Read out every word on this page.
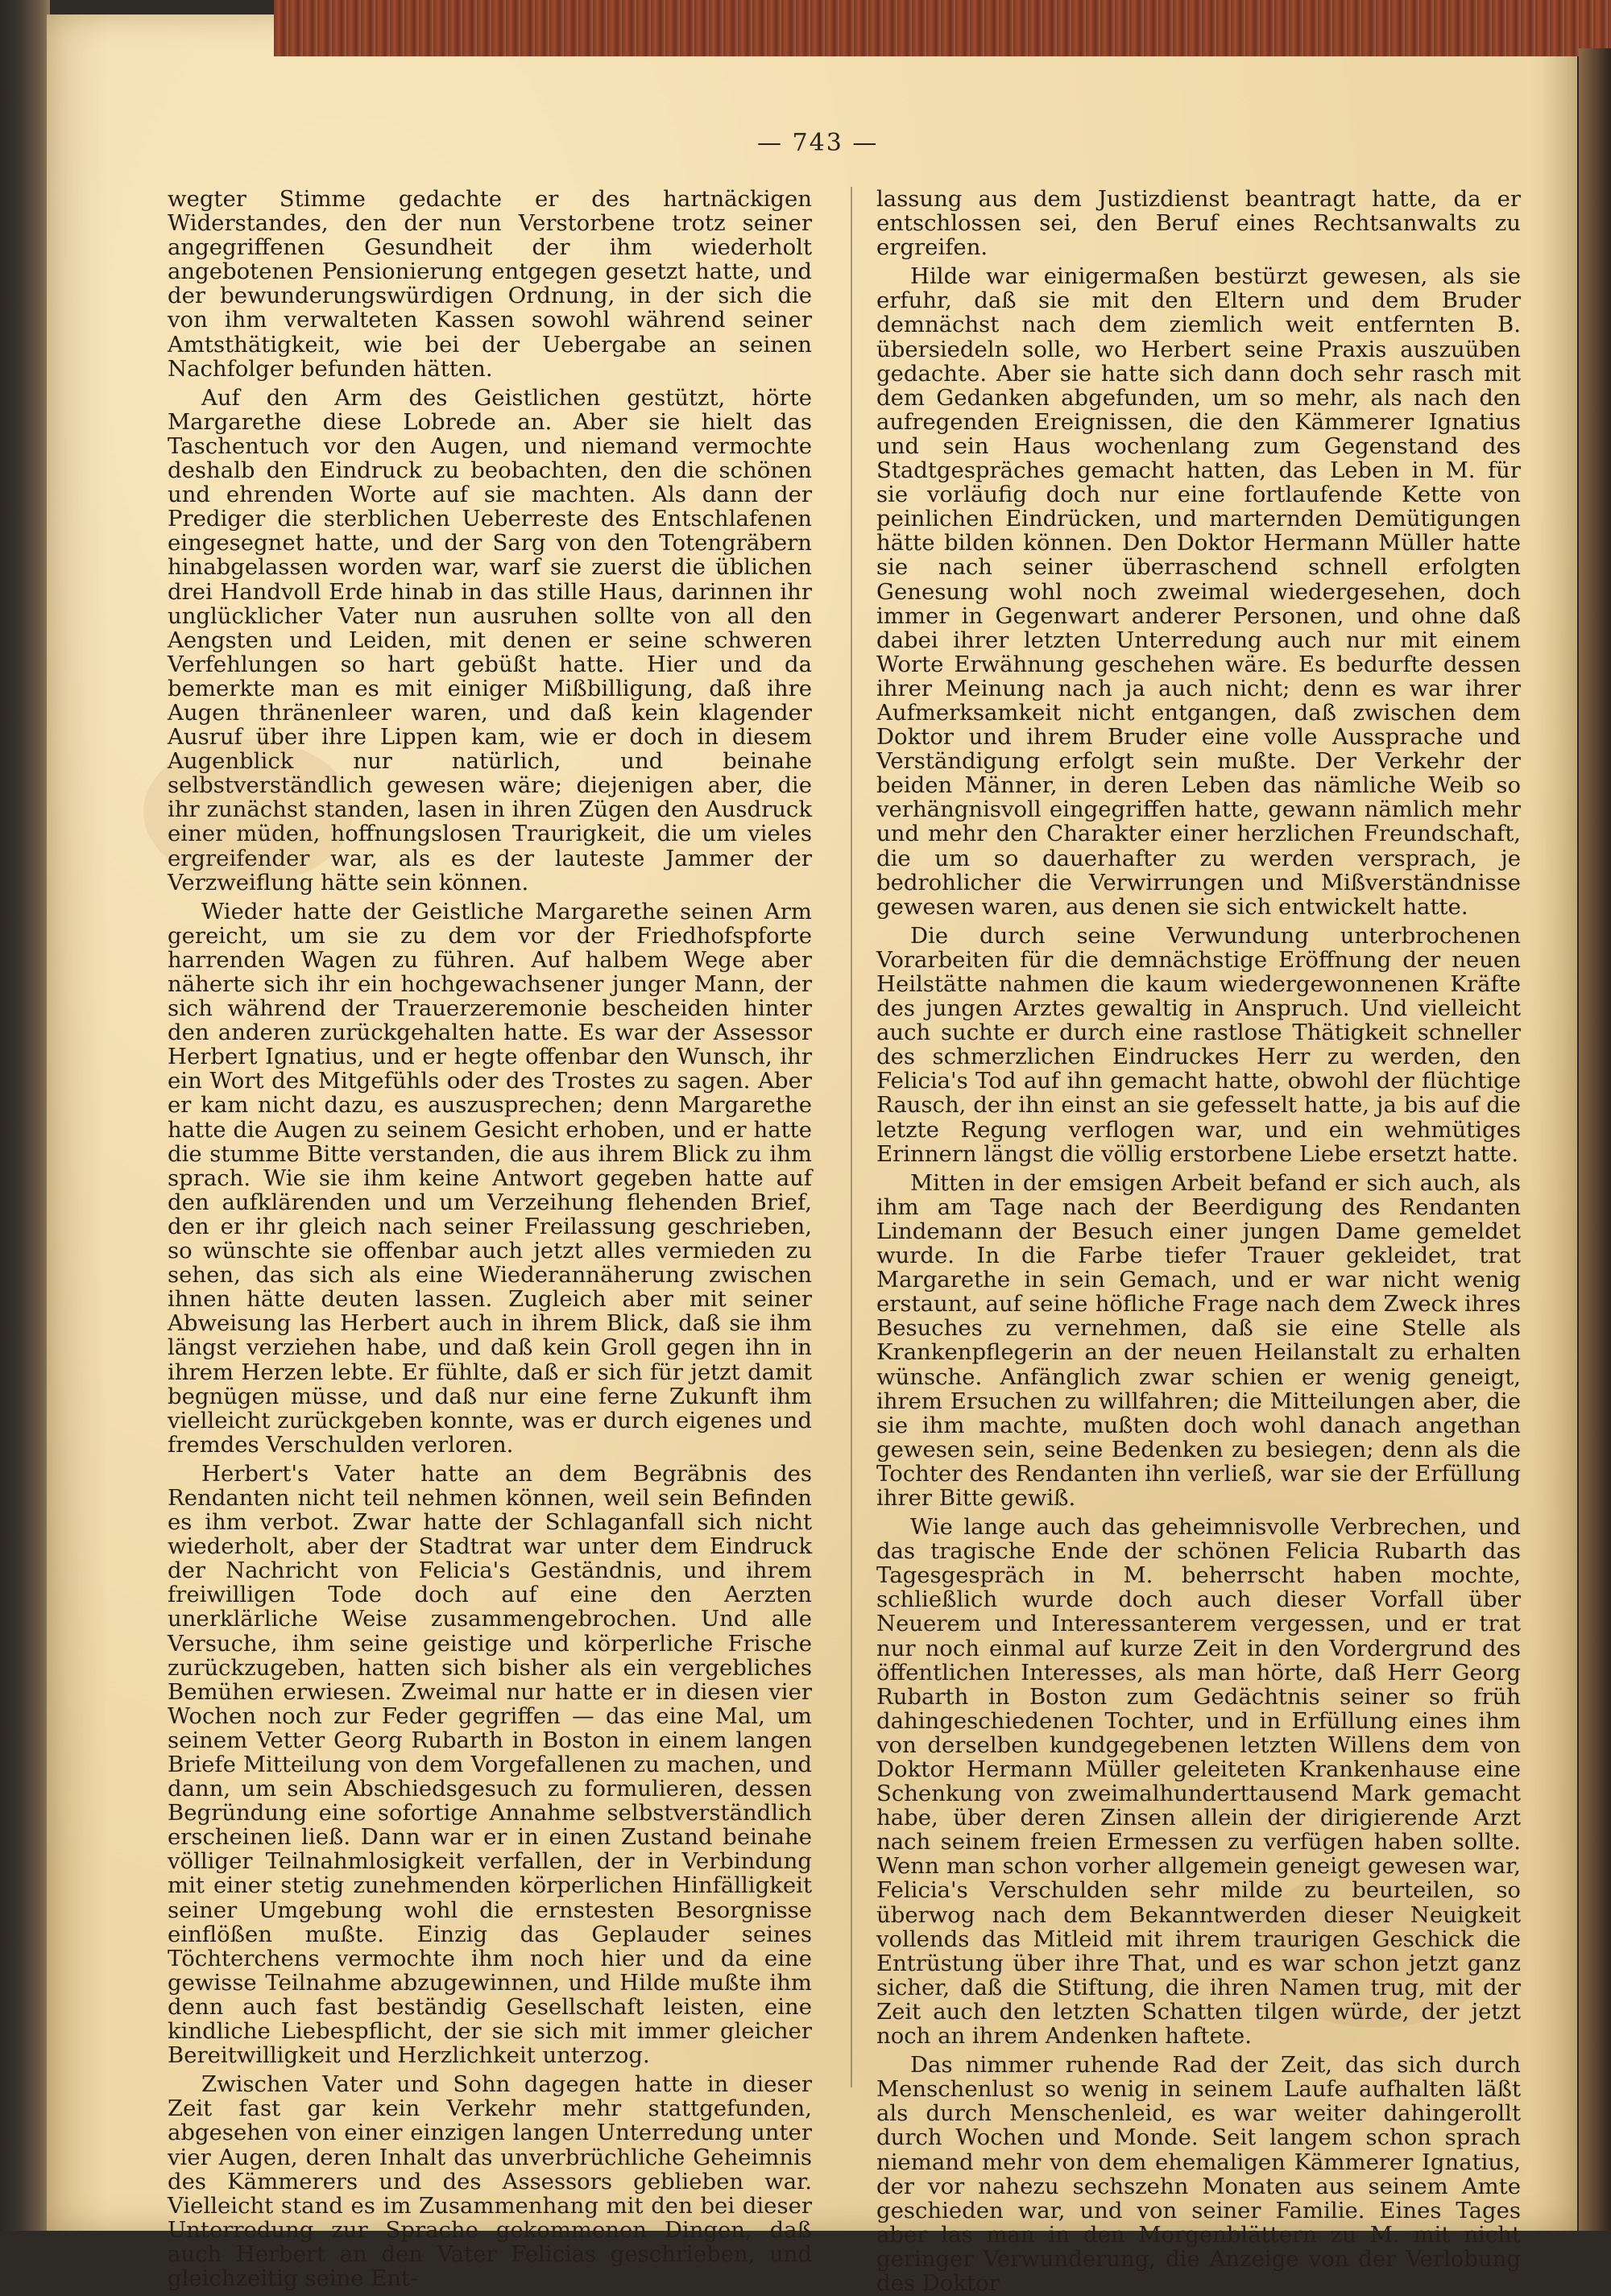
— 743 —

wegter Stimme gedachte er des hartnäckigen Widerstandes, den der nun Verstorbene trotz seiner angegriffenen Gesundheit der ihm wiederholt angebotenen Pensionierung entgegen gesetzt hatte, und der bewunderungswürdigen Ordnung, in der sich die von ihm verwalteten Kassen sowohl während seiner Amtsthätigkeit, wie bei der Uebergabe an seinen Nachfolger befunden hätten.

Auf den Arm des Geistlichen gestützt, hörte Margarethe diese Lobrede an. Aber sie hielt das Taschentuch vor den Augen, und niemand vermochte deshalb den Eindruck zu beobachten, den die schönen und ehrenden Worte auf sie machten. Als dann der Prediger die sterblichen Ueberreste des Entschlafenen eingesegnet hatte, und der Sarg von den Totengräbern hinabgelassen worden war, warf sie zuerst die üblichen drei Handvoll Erde hinab in das stille Haus, darinnen ihr unglücklicher Vater nun ausruhen sollte von all den Aengsten und Leiden, mit denen er seine schweren Verfehlungen so hart gebüßt hatte. Hier und da bemerkte man es mit einiger Mißbilligung, daß ihre Augen thränenleer waren, und daß kein klagender Ausruf über ihre Lippen kam, wie er doch in diesem Augenblick nur natürlich, und beinahe selbstverständlich gewesen wäre; diejenigen aber, die ihr zunächst standen, lasen in ihren Zügen den Ausdruck einer müden, hoffnungslosen Traurigkeit, die um vieles ergreifender war, als es der lauteste Jammer der Verzweiflung hätte sein können.

Wieder hatte der Geistliche Margarethe seinen Arm gereicht, um sie zu dem vor der Friedhofspforte harrenden Wagen zu führen. Auf halbem Wege aber näherte sich ihr ein hochgewachsener junger Mann, der sich während der Trauerzeremonie bescheiden hinter den anderen zurückgehalten hatte. Es war der Assessor Herbert Ignatius, und er hegte offenbar den Wunsch, ihr ein Wort des Mitgefühls oder des Trostes zu sagen. Aber er kam nicht dazu, es auszusprechen; denn Margarethe hatte die Augen zu seinem Gesicht erhoben, und er hatte die stumme Bitte verstanden, die aus ihrem Blick zu ihm sprach. Wie sie ihm keine Antwort gegeben hatte auf den aufklärenden und um Verzeihung flehenden Brief, den er ihr gleich nach seiner Freilassung geschrieben, so wünschte sie offenbar auch jetzt alles vermieden zu sehen, das sich als eine Wiederannäherung zwischen ihnen hätte deuten lassen. Zugleich aber mit seiner Abweisung las Herbert auch in ihrem Blick, daß sie ihm längst verziehen habe, und daß kein Groll gegen ihn in ihrem Herzen lebte. Er fühlte, daß er sich für jetzt damit begnügen müsse, und daß nur eine ferne Zukunft ihm vielleicht zurückgeben konnte, was er durch eigenes und fremdes Verschulden verloren.

Herbert's Vater hatte an dem Begräbnis des Rendanten nicht teil nehmen können, weil sein Befinden es ihm verbot. Zwar hatte der Schlaganfall sich nicht wiederholt, aber der Stadtrat war unter dem Eindruck der Nachricht von Felicia's Geständnis, und ihrem freiwilligen Tode doch auf eine den Aerzten unerklärliche Weise zusammengebrochen. Und alle Versuche, ihm seine geistige und körperliche Frische zurückzugeben, hatten sich bisher als ein vergebliches Bemühen erwiesen. Zweimal nur hatte er in diesen vier Wochen noch zur Feder gegriffen — das eine Mal, um seinem Vetter Georg Rubarth in Boston in einem langen Briefe Mitteilung von dem Vorgefallenen zu machen, und dann, um sein Abschiedsgesuch zu formulieren, dessen Begründung eine sofortige Annahme selbstverständlich erscheinen ließ. Dann war er in einen Zustand beinahe völliger Teilnahmlosigkeit verfallen, der in Verbindung mit einer stetig zunehmenden körperlichen Hinfälligkeit seiner Umgebung wohl die ernstesten Besorgnisse einflößen mußte. Einzig das Geplauder seines Töchterchens vermochte ihm noch hier und da eine gewisse Teilnahme abzugewinnen, und Hilde mußte ihm denn auch fast beständig Gesellschaft leisten, eine kindliche Liebespflicht, der sie sich mit immer gleicher Bereitwilligkeit und Herzlichkeit unterzog.

Zwischen Vater und Sohn dagegen hatte in dieser Zeit fast gar kein Verkehr mehr stattgefunden, abgesehen von einer einzigen langen Unterredung unter vier Augen, deren Inhalt das unverbrüchliche Geheimnis des Kämmerers und des Assessors geblieben war. Vielleicht stand es im Zusammenhang mit den bei dieser Unterredung zur Sprache gekommenen Dingen, daß auch Herbert an den Vater Felicias geschrieben, und gleichzeitig seine Ent-

lassung aus dem Justizdienst beantragt hatte, da er entschlossen sei, den Beruf eines Rechtsanwalts zu ergreifen.

Hilde war einigermaßen bestürzt gewesen, als sie erfuhr, daß sie mit den Eltern und dem Bruder demnächst nach dem ziemlich weit entfernten B. übersiedeln solle, wo Herbert seine Praxis auszuüben gedachte. Aber sie hatte sich dann doch sehr rasch mit dem Gedanken abgefunden, um so mehr, als nach den aufregenden Ereignissen, die den Kämmerer Ignatius und sein Haus wochenlang zum Gegenstand des Stadtgespräches gemacht hatten, das Leben in M. für sie vorläufig doch nur eine fortlaufende Kette von peinlichen Eindrücken, und marternden Demütigungen hätte bilden können. Den Doktor Hermann Müller hatte sie nach seiner überraschend schnell erfolgten Genesung wohl noch zweimal wiedergesehen, doch immer in Gegenwart anderer Personen, und ohne daß dabei ihrer letzten Unterredung auch nur mit einem Worte Erwähnung geschehen wäre. Es bedurfte dessen ihrer Meinung nach ja auch nicht; denn es war ihrer Aufmerksamkeit nicht entgangen, daß zwischen dem Doktor und ihrem Bruder eine volle Aussprache und Verständigung erfolgt sein mußte. Der Verkehr der beiden Männer, in deren Leben das nämliche Weib so verhängnisvoll eingegriffen hatte, gewann nämlich mehr und mehr den Charakter einer herzlichen Freundschaft, die um so dauerhafter zu werden versprach, je bedrohlicher die Verwirrungen und Mißverständnisse gewesen waren, aus denen sie sich entwickelt hatte.

Die durch seine Verwundung unterbrochenen Vorarbeiten für die demnächstige Eröffnung der neuen Heilstätte nahmen die kaum wiedergewonnenen Kräfte des jungen Arztes gewaltig in Anspruch. Und vielleicht auch suchte er durch eine rastlose Thätigkeit schneller des schmerzlichen Eindruckes Herr zu werden, den Felicia's Tod auf ihn gemacht hatte, obwohl der flüchtige Rausch, der ihn einst an sie gefesselt hatte, ja bis auf die letzte Regung verflogen war, und ein wehmütiges Erinnern längst die völlig erstorbene Liebe ersetzt hatte.

Mitten in der emsigen Arbeit befand er sich auch, als ihm am Tage nach der Beerdigung des Rendanten Lindemann der Besuch einer jungen Dame gemeldet wurde. In die Farbe tiefer Trauer gekleidet, trat Margarethe in sein Gemach, und er war nicht wenig erstaunt, auf seine höfliche Frage nach dem Zweck ihres Besuches zu vernehmen, daß sie eine Stelle als Krankenpflegerin an der neuen Heilanstalt zu erhalten wünsche. Anfänglich zwar schien er wenig geneigt, ihrem Ersuchen zu willfahren; die Mitteilungen aber, die sie ihm machte, mußten doch wohl danach angethan gewesen sein, seine Bedenken zu besiegen; denn als die Tochter des Rendanten ihn verließ, war sie der Erfüllung ihrer Bitte gewiß.

Wie lange auch das geheimnisvolle Verbrechen, und das tragische Ende der schönen Felicia Rubarth das Tagesgespräch in M. beherrscht haben mochte, schließlich wurde doch auch dieser Vorfall über Neuerem und Interessanterem vergessen, und er trat nur noch einmal auf kurze Zeit in den Vordergrund des öffentlichen Interesses, als man hörte, daß Herr Georg Rubarth in Boston zum Gedächtnis seiner so früh dahingeschiedenen Tochter, und in Erfüllung eines ihm von derselben kundgegebenen letzten Willens dem von Doktor Hermann Müller geleiteten Krankenhause eine Schenkung von zweimalhunderttausend Mark gemacht habe, über deren Zinsen allein der dirigierende Arzt nach seinem freien Ermessen zu verfügen haben sollte. Wenn man schon vorher allgemein geneigt gewesen war, Felicia's Verschulden sehr milde zu beurteilen, so überwog nach dem Bekanntwerden dieser Neuigkeit vollends das Mitleid mit ihrem traurigen Geschick die Entrüstung über ihre That, und es war schon jetzt ganz sicher, daß die Stiftung, die ihren Namen trug, mit der Zeit auch den letzten Schatten tilgen würde, der jetzt noch an ihrem Andenken haftete.

Das nimmer ruhende Rad der Zeit, das sich durch Menschenlust so wenig in seinem Laufe aufhalten läßt als durch Menschenleid, es war weiter dahingerollt durch Wochen und Monde. Seit langem schon sprach niemand mehr von dem ehemaligen Kämmerer Ignatius, der vor nahezu sechszehn Monaten aus seinem Amte geschieden war, und von seiner Familie. Eines Tages aber las man in den Morgenblättern zu M. mit nicht geringer Verwunderung, die Anzeige von der Verlobung des Doktor
